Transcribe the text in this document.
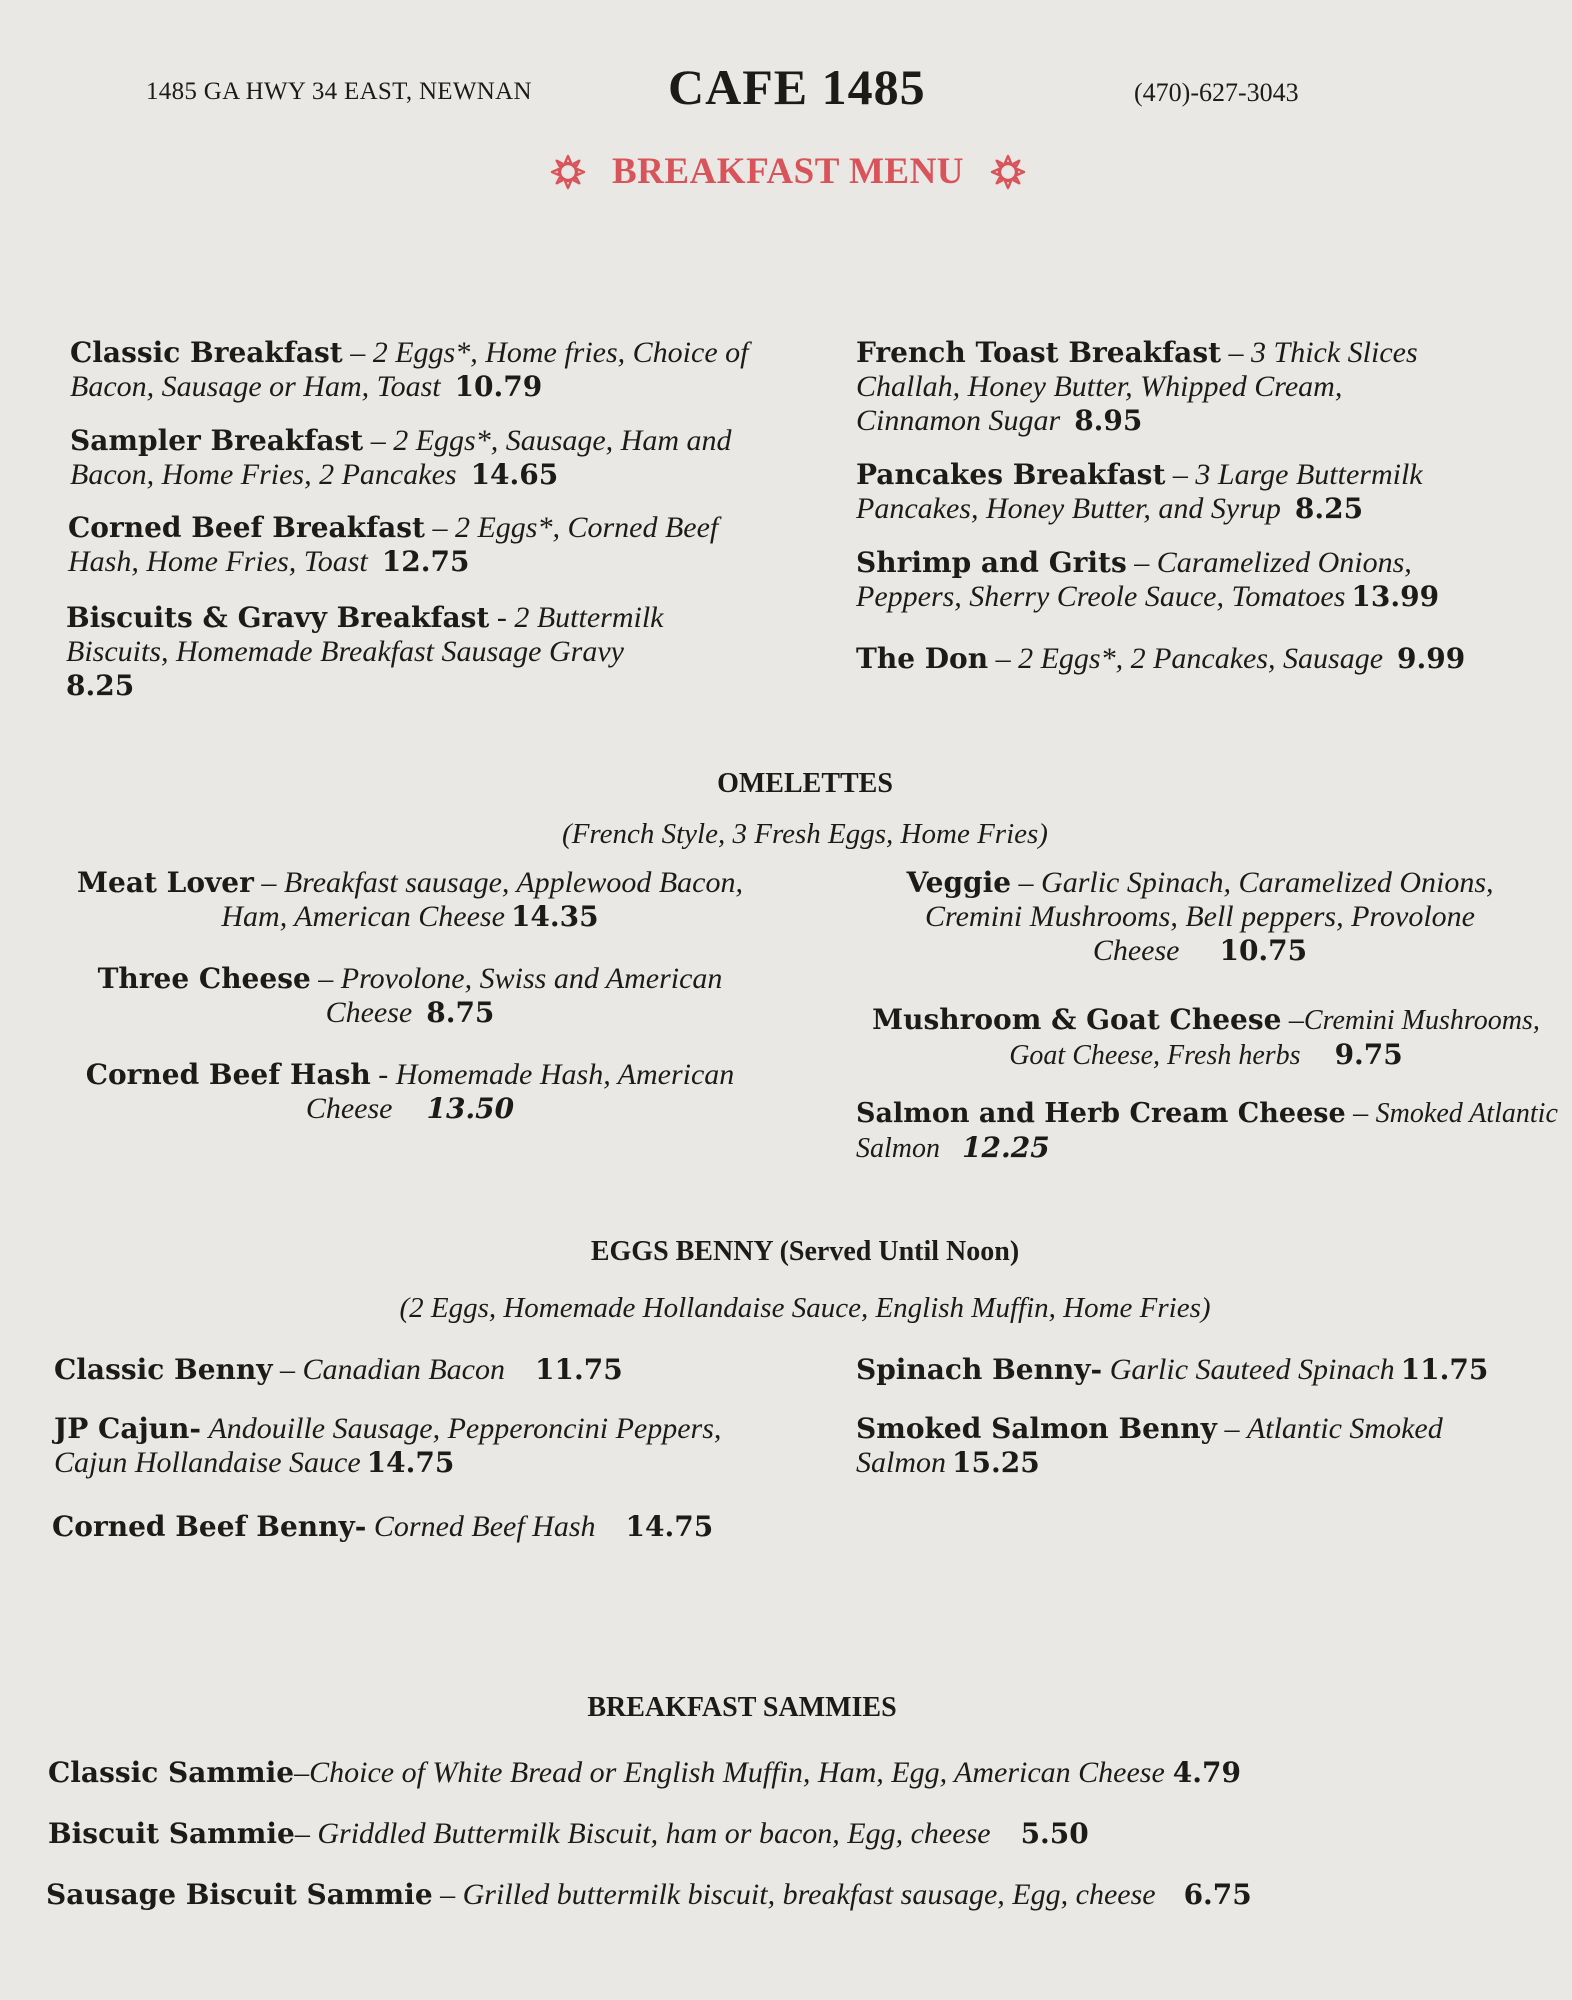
1485 GA HWY 34 EAST, NEWNAN	CAFE 1485	(470)-627-3043
BREAKFAST MENU
Classic Breakfast – 2 Eggs*, Home fries, Choice of Bacon, Sausage or Ham, Toast 10.79
Sampler Breakfast – 2 Eggs*, Sausage, Ham and Bacon, Home Fries, 2 Pancakes 14.65
Corned Beef Breakfast – 2 Eggs*, Corned Beef Hash, Home Fries, Toast 12.75
Biscuits & Gravy Breakfast - 2 Buttermilk Biscuits, Homemade Breakfast Sausage Gravy
8.25
French Toast Breakfast – 3 Thick Slices Challah, Honey Butter, Whipped Cream, Cinnamon Sugar 8.95
Pancakes Breakfast – 3 Large Buttermilk Pancakes, Honey Butter, and Syrup 8.25
Shrimp and Grits – Caramelized Onions, Peppers, Sherry Creole Sauce, Tomatoes 13.99
The Don – 2 Eggs*, 2 Pancakes, Sausage 9.99
OMELETTES
(French Style, 3 Fresh Eggs, Home Fries)
Meat Lover – Breakfast sausage, Applewood Bacon, Ham, American Cheese 14.35
Three Cheese – Provolone, Swiss and American Cheese 8.75
Corned Beef Hash - Homemade Hash, American Cheese 13.50
Veggie – Garlic Spinach, Caramelized Onions, Cremini Mushrooms, Bell peppers, Provolone Cheese 10.75
Mushroom & Goat Cheese –Cremini Mushrooms, Goat Cheese, Fresh herbs 9.75
Salmon and Herb Cream Cheese – Smoked Atlantic Salmon 12.25
EGGS BENNY (Served Until Noon)
(2 Eggs, Homemade Hollandaise Sauce, English Muffin, Home Fries)
Classic Benny – Canadian Bacon 11.75
JP Cajun- Andouille Sausage, Pepperoncini Peppers, Cajun Hollandaise Sauce 14.75
Corned Beef Benny- Corned Beef Hash 14.75
Spinach Benny- Garlic Sauteed Spinach 11.75
Smoked Salmon Benny – Atlantic Smoked Salmon 15.25
BREAKFAST SAMMIES
Classic Sammie–Choice of White Bread or English Muffin, Ham, Egg, American Cheese 4.79
Biscuit Sammie– Griddled Buttermilk Biscuit, ham or bacon, Egg, cheese 5.50
Sausage Biscuit Sammie – Grilled buttermilk biscuit, breakfast sausage, Egg, cheese 6.75
